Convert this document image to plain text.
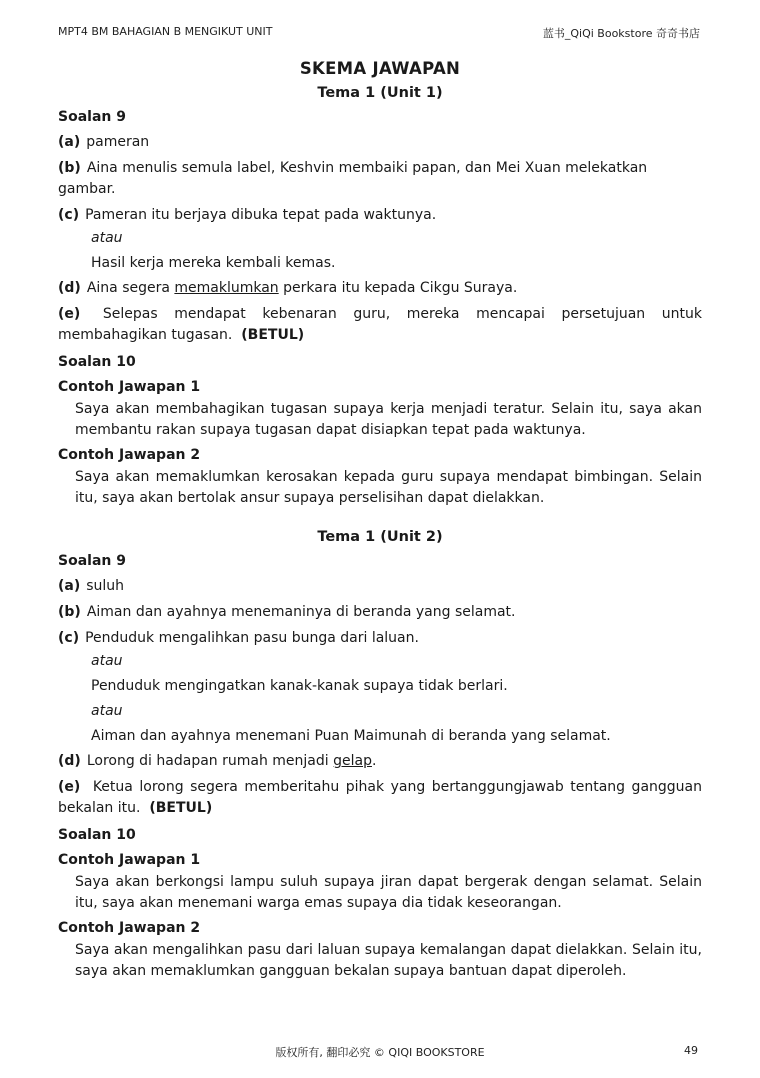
MPT4 BM BAHAGIAN B MENGIKUT UNIT	蓝书_QiQi Bookstore 奇奇书店
SKEMA JAWAPAN
Tema 1 (Unit 1)
Soalan 9
(a) pameran
(b) Aina menulis semula label, Keshvin membaiki papan, dan Mei Xuan melekatkan gambar.
(c) Pameran itu berjaya dibuka tepat pada waktunya.
atau
Hasil kerja mereka kembali kemas.
(d) Aina segera memaklumkan perkara itu kepada Cikgu Suraya.
(e) Selepas mendapat kebenaran guru, mereka mencapai persetujuan untuk membahagikan tugasan. (BETUL)
Soalan 10
Contoh Jawapan 1
Saya akan membahagikan tugasan supaya kerja menjadi teratur. Selain itu, saya akan membantu rakan supaya tugasan dapat disiapkan tepat pada waktunya.
Contoh Jawapan 2
Saya akan memaklumkan kerosakan kepada guru supaya mendapat bimbingan. Selain itu, saya akan bertolak ansur supaya perselisihan dapat dielakkan.
Tema 1 (Unit 2)
Soalan 9
(a) suluh
(b) Aiman dan ayahnya menemaninya di beranda yang selamat.
(c) Penduduk mengalihkan pasu bunga dari laluan.
atau
Penduduk mengingatkan kanak-kanak supaya tidak berlari.
atau
Aiman dan ayahnya menemani Puan Maimunah di beranda yang selamat.
(d) Lorong di hadapan rumah menjadi gelap.
(e) Ketua lorong segera memberitahu pihak yang bertanggungjawab tentang gangguan bekalan itu. (BETUL)
Soalan 10
Contoh Jawapan 1
Saya akan berkongsi lampu suluh supaya jiran dapat bergerak dengan selamat. Selain itu, saya akan menemani warga emas supaya dia tidak keseorangan.
Contoh Jawapan 2
Saya akan mengalihkan pasu dari laluan supaya kemalangan dapat dielakkan. Selain itu, saya akan memaklumkan gangguan bekalan supaya bantuan dapat diperoleh.
版权所有, 翻印必究 © QIQI BOOKSTORE	49
